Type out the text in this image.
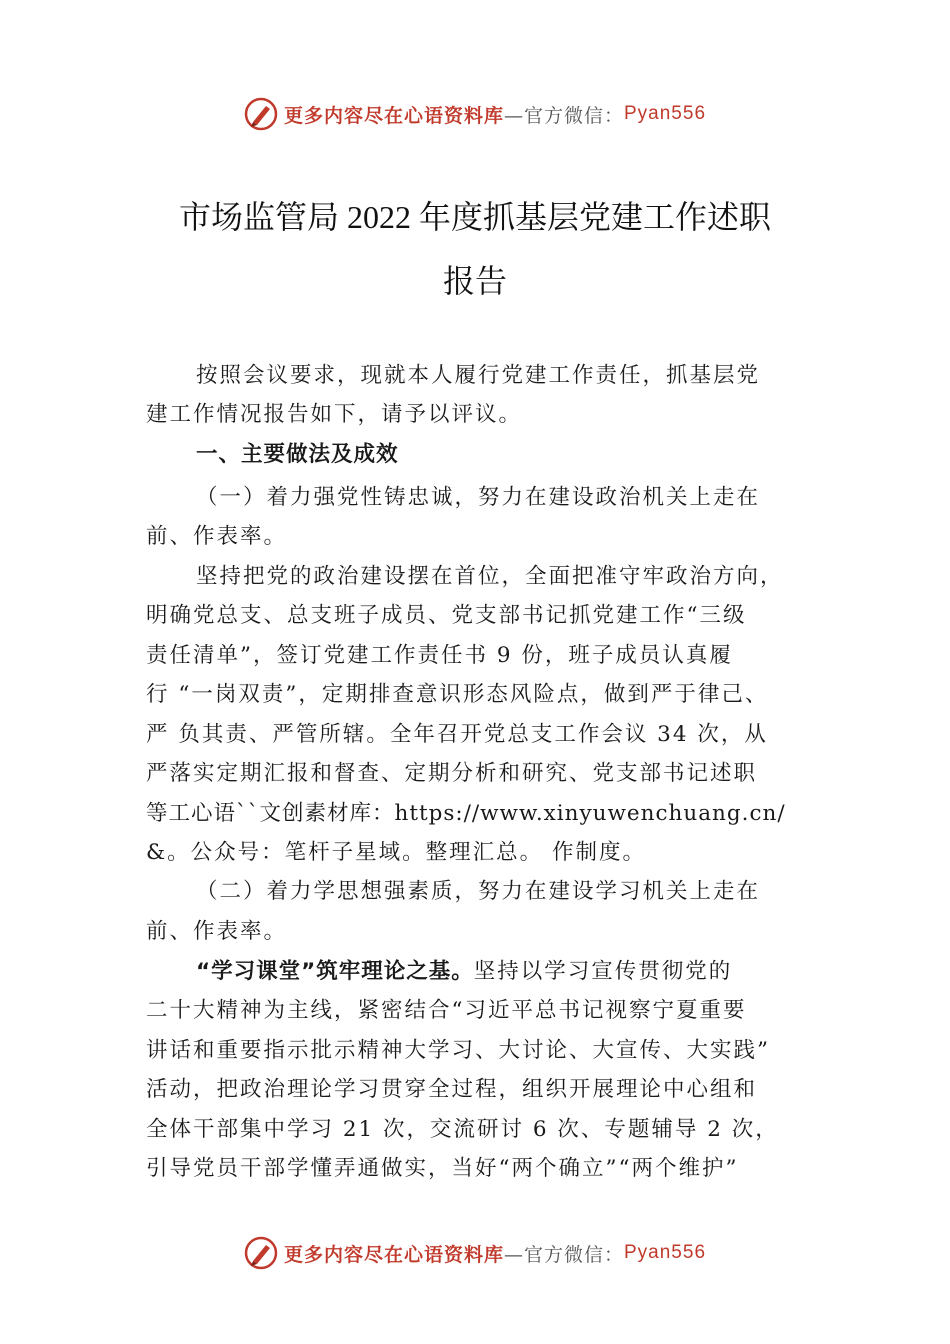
更多内容尽在心语资料库 —官方微信： Pyan556
市场监管局 2022 年度抓基层党建工作述职
报告
按照会议要求，现就本人履行党建工作责任，抓基层党
建工作情况报告如下，请予以评议。
一、主要做法及成效
（一）着力强党性铸忠诚，努力在建设政治机关上走在
前、作表率。
坚持把党的政治建设摆在首位，全面把准守牢政治方向，
明确党总支、总支班子成员、党支部书记抓党建工作“三级
责任清单”，签订党建工作责任书 9 份，班子成员认真履
行 “一岗双责”，定期排查意识形态风险点，做到严于律己、
严 负其责、严管所辖。全年召开党总支工作会议 34 次，从
严落实定期汇报和督查、定期分析和研究、党支部书记述职
等工心语``文创素材库：https://www.xinyuwenchuang.cn/
&。公众号：笔杆子星域。整理汇总。 作制度。
（二）着力学思想强素质，努力在建设学习机关上走在
前、作表率。
“学习课堂”筑牢理论之基。坚持以学习宣传贯彻党的
二十大精神为主线，紧密结合“习近平总书记视察宁夏重要
讲话和重要指示批示精神大学习、大讨论、大宣传、大实践”
活动，把政治理论学习贯穿全过程，组织开展理论中心组和
全体干部集中学习 21 次，交流研讨 6 次、专题辅导 2 次，
引导党员干部学懂弄通做实，当好“两个确立”“两个维护”
更多内容尽在心语资料库 —官方微信： Pyan556
